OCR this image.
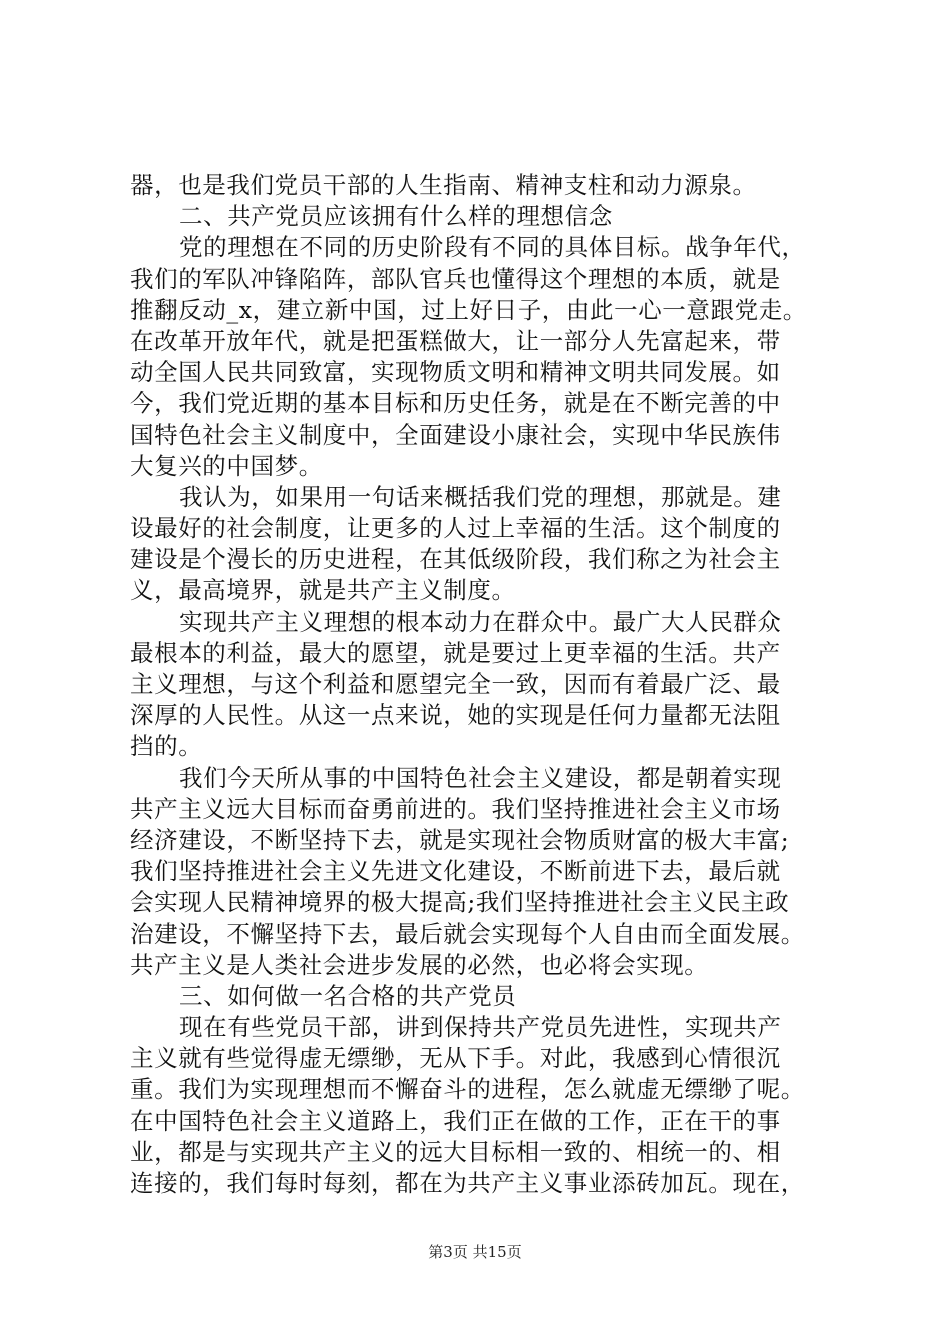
器，也是我们党员干部的人生指南、精神支柱和动力源泉。
二、共产党员应该拥有什么样的理想信念
党的理想在不同的历史阶段有不同的具体目标。战争年代，
我们的军队冲锋陷阵，部队官兵也懂得这个理想的本质，就是
推翻反动_x，建立新中国，过上好日子，由此一心一意跟党走。
在改革开放年代，就是把蛋糕做大，让一部分人先富起来，带
动全国人民共同致富，实现物质文明和精神文明共同发展。如
今，我们党近期的基本目标和历史任务，就是在不断完善的中
国特色社会主义制度中，全面建设小康社会，实现中华民族伟
大复兴的中国梦。
我认为，如果用一句话来概括我们党的理想，那就是。建
设最好的社会制度，让更多的人过上幸福的生活。这个制度的
建设是个漫长的历史进程，在其低级阶段，我们称之为社会主
义，最高境界，就是共产主义制度。
实现共产主义理想的根本动力在群众中。最广大人民群众
最根本的利益，最大的愿望，就是要过上更幸福的生活。共产
主义理想，与这个利益和愿望完全一致，因而有着最广泛、最
深厚的人民性。从这一点来说，她的实现是任何力量都无法阻
挡的。
我们今天所从事的中国特色社会主义建设，都是朝着实现
共产主义远大目标而奋勇前进的。我们坚持推进社会主义市场
经济建设，不断坚持下去，就是实现社会物质财富的极大丰富;
我们坚持推进社会主义先进文化建设，不断前进下去，最后就
会实现人民精神境界的极大提高;我们坚持推进社会主义民主政
治建设，不懈坚持下去，最后就会实现每个人自由而全面发展。
共产主义是人类社会进步发展的必然，也必将会实现。
三、如何做一名合格的共产党员
现在有些党员干部，讲到保持共产党员先进性，实现共产
主义就有些觉得虚无缥缈，无从下手。对此，我感到心情很沉
重。我们为实现理想而不懈奋斗的进程，怎么就虚无缥缈了呢。
在中国特色社会主义道路上，我们正在做的工作，正在干的事
业，都是与实现共产主义的远大目标相一致的、相统一的、相
连接的，我们每时每刻，都在为共产主义事业添砖加瓦。现在，
第3页 共15页
